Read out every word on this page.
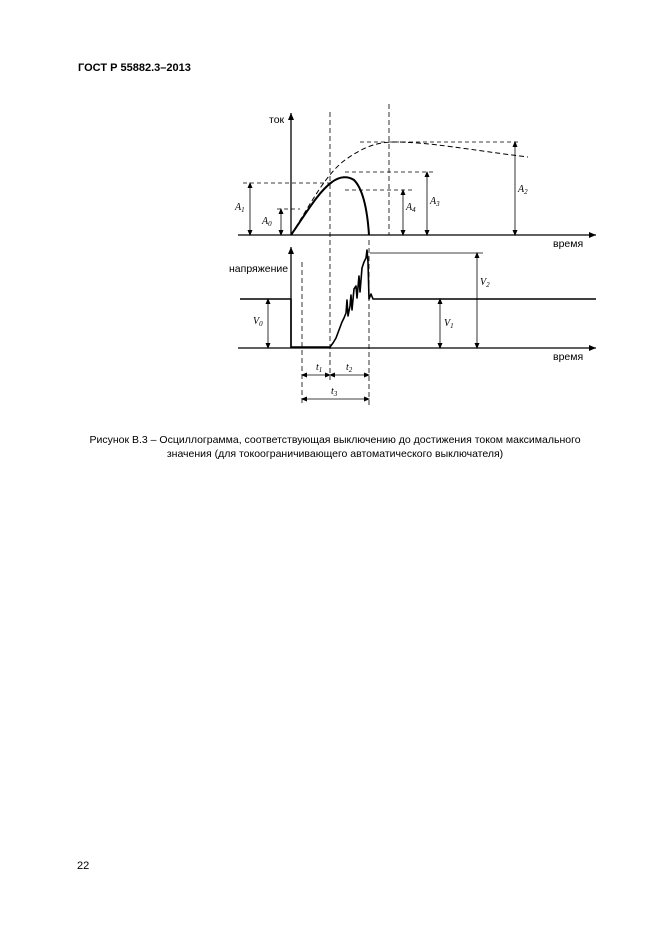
ГОСТ Р 55882.3–2013
ток
время
напряжение
время
$A_1$
$A_0$
$A_4$
$A_3$
$A_2$
$V_2$
$V_0$	$V_1$
$t_1$ $t_2$
$t_3$
Рисунок В.3 – Осциллограмма, соответствующая выключению до достижения током максимального
значения (для токоограничивающего автоматического выключателя)
22
